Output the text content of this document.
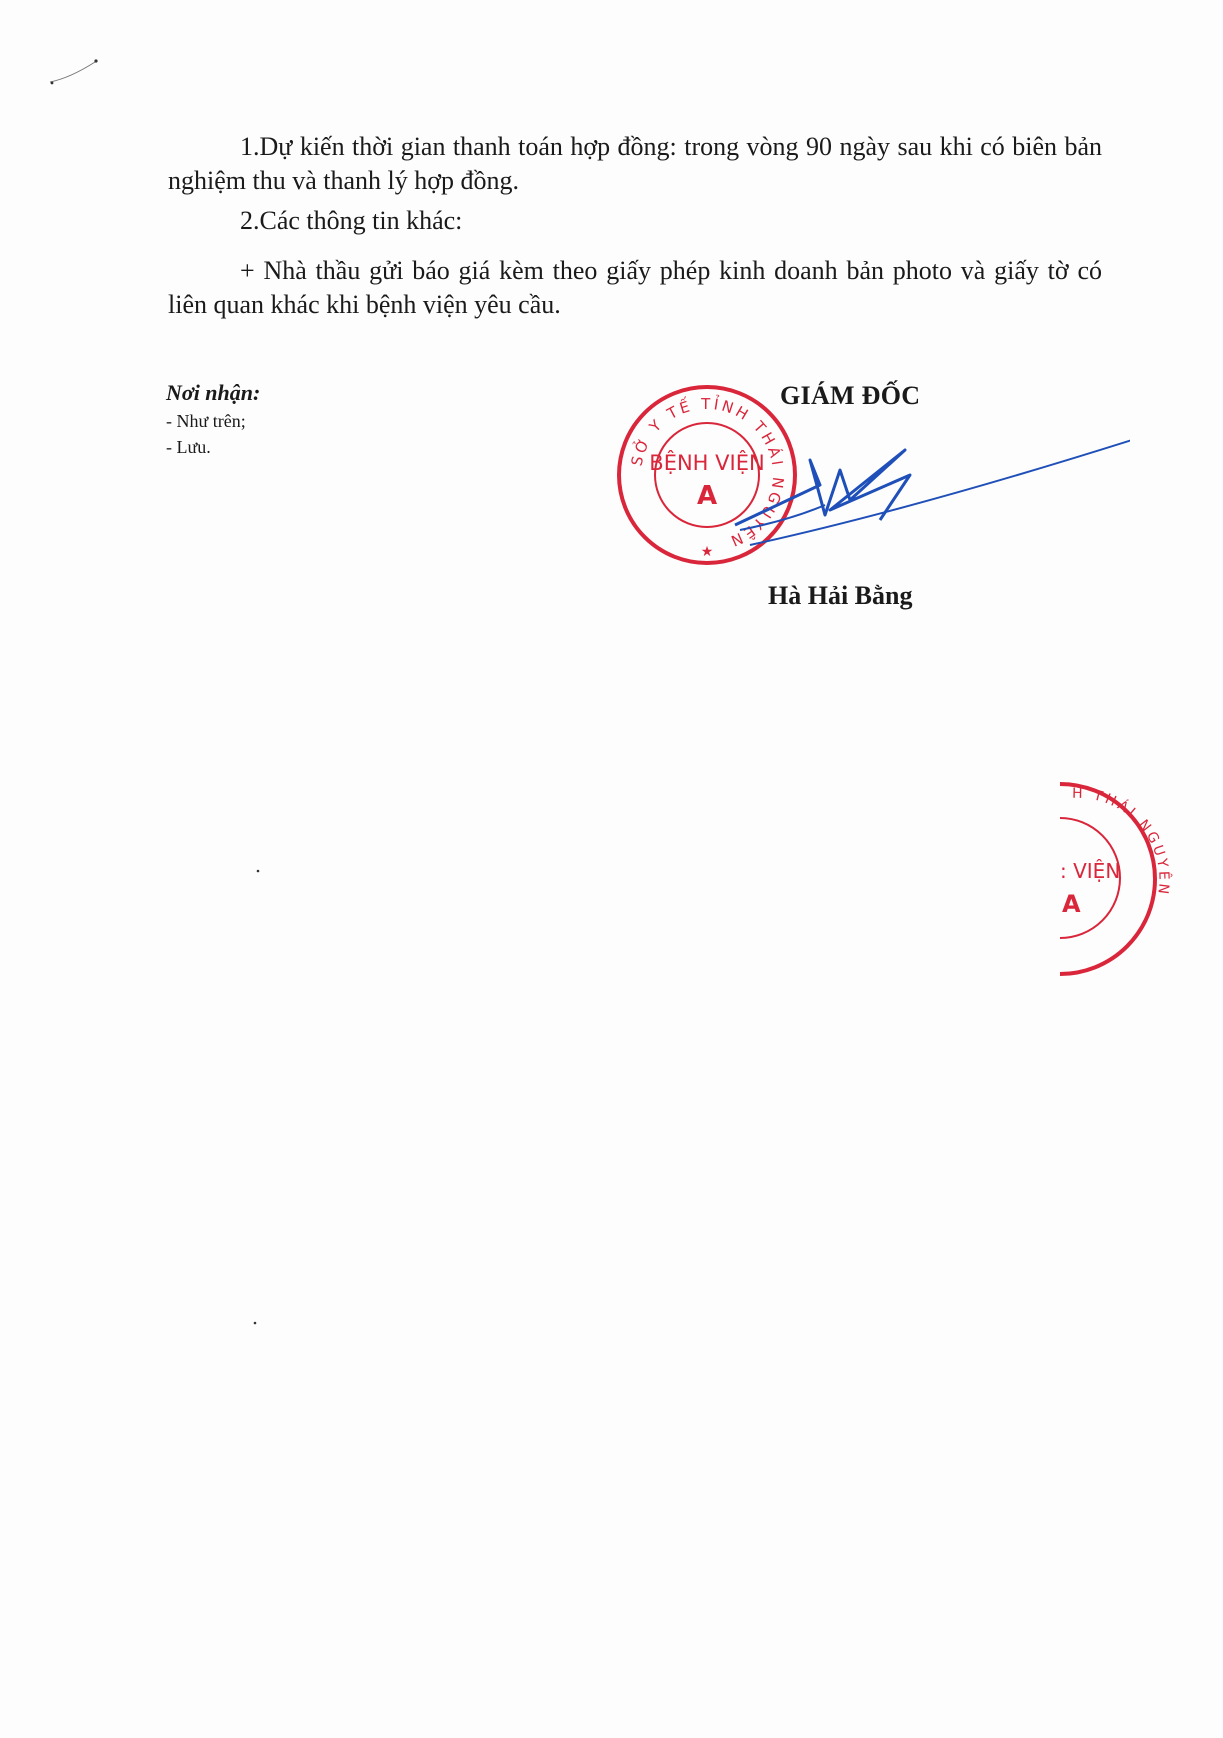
1.Dự kiến thời gian thanh toán hợp đồng: trong vòng 90 ngày sau khi có biên bản nghiệm thu và thanh lý hợp đồng.

2.Các thông tin khác:

+ Nhà thầu gửi báo giá kèm theo giấy phép kinh doanh bản photo và giấy tờ có liên quan khác khi bệnh viện yêu cầu.

Nơi nhận:
- Như trên;
- Lưu.
SỞ Y TẾ TỈNH THÁI NGUYÊN
BỆNH VIỆN
A
★
GIÁM ĐỐC
Hà Hải Bằng
H THÁI NGUYÊN
: VIỆN
A
